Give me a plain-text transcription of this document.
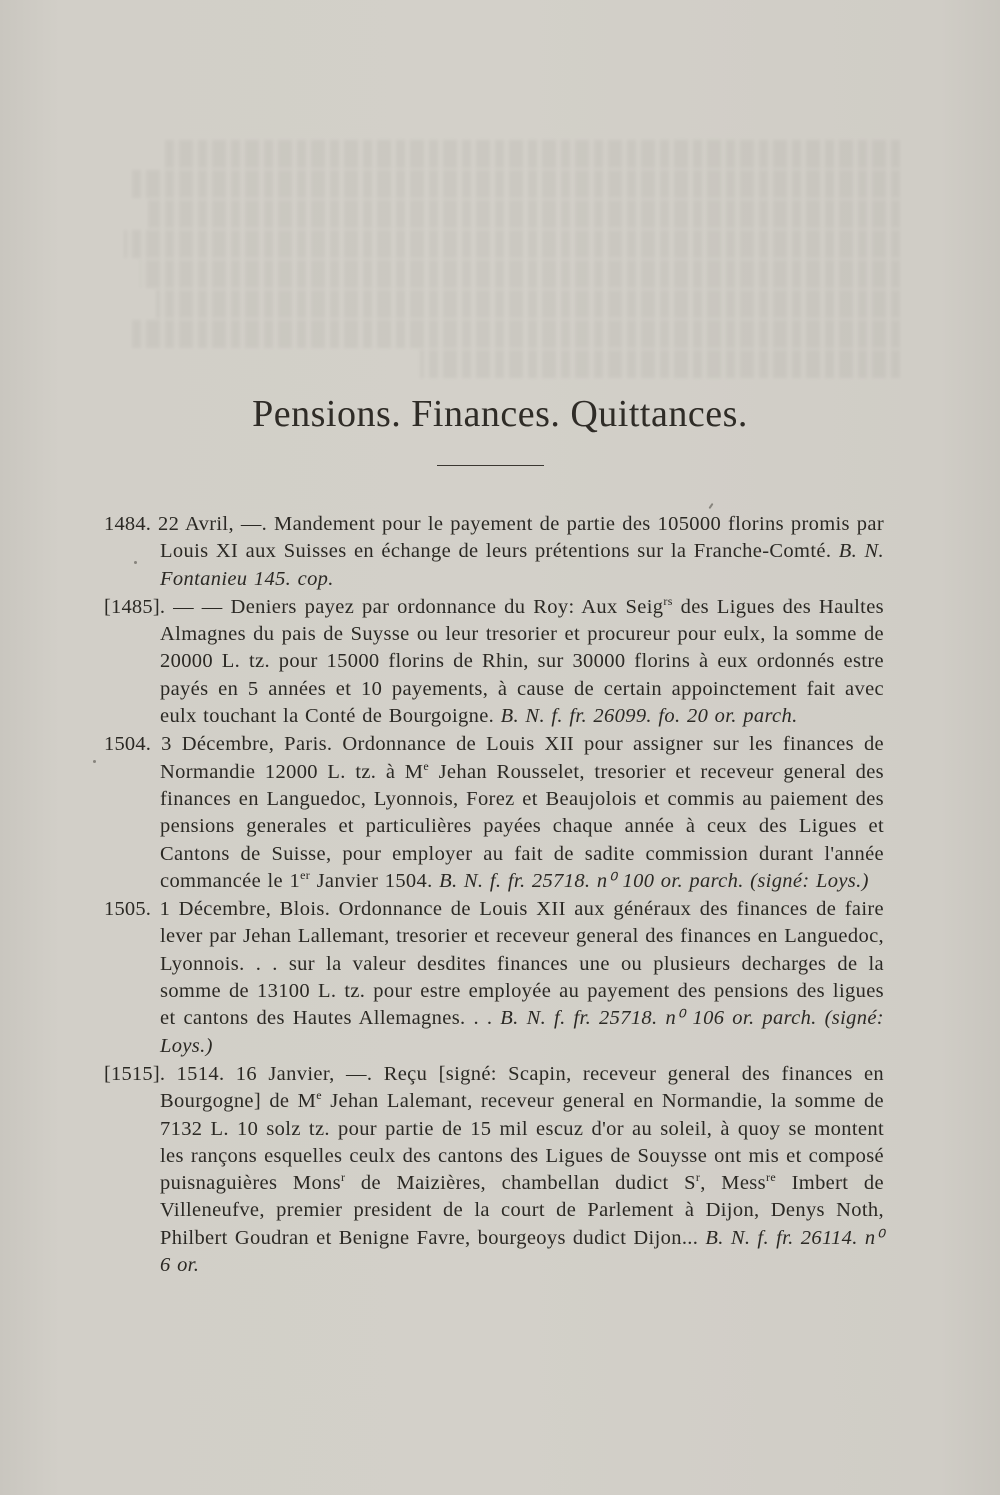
Pensions. Finances. Quittances.

1484. 22 Avril, —. Mandement pour le payement de partie des 105000 florins promis par Louis XI aux Suisses en échange de leurs prétentions sur la Franche-Comté. B. N. Fontanieu 145. cop.

[1485]. — — Deniers payez par ordonnance du Roy: Aux Seig$^{rs}$ des Ligues des Haultes Almagnes du pais de Suysse ou leur tresorier et procureur pour eulx, la somme de 20000 L. tz. pour 15000 florins de Rhin, sur 30000 florins à eux ordonnés estre payés en 5 années et 10 payements, à cause de certain appoinctement fait avec eulx touchant la Conté de Bourgoigne. B. N. f. fr. 26099. fo. 20 or. parch.

1504. 3 Décembre, Paris. Ordonnance de Louis XII pour assigner sur les finances de Normandie 12000 L. tz. à Me Jehan Rousselet, tresorier et receveur general des finances en Languedoc, Lyonnois, Forez et Beaujolois et commis au paiement des pensions generales et particulières payées chaque année à ceux des Ligues et Cantons de Suisse, pour employer au fait de sadite commission durant l'année commancée le 1er Janvier 1504. B. N. f. fr. 25718. n⁰ 100 or. parch. (signé: Loys.)

1505. 1 Décembre, Blois. Ordonnance de Louis XII aux généraux des finances de faire lever par Jehan Lallemant, tresorier et receveur general des finances en Languedoc, Lyonnois. . . sur la valeur desdites finances une ou plusieurs decharges de la somme de 13100 L. tz. pour estre employée au payement des pensions des ligues et cantons des Hautes Allemagnes. . . B. N. f. fr. 25718. n⁰ 106 or. parch. (signé: Loys.)

[1515]. 1514. 16 Janvier, —. Reçu [signé: Scapin, receveur general des finances en Bourgogne] de Me Jehan Lalemant, receveur general en Normandie, la somme de 7132 L. 10 solz tz. pour partie de 15 mil escuz d'or au soleil, à quoy se montent les rançons esquelles ceulx des cantons des Ligues de Souysse ont mis et composé puisnaguières Mons$^r$ de Maizières, chambellan dudict $S^r$, Mess$^{re}$ Imbert de Villeneufve, premier president de la court de Parlement à Dijon, Denys Noth, Philbert Goudran et Benigne Favre, bourgeoys dudict Dijon... B. N. f. fr. 26114. n⁰ 6 or.
